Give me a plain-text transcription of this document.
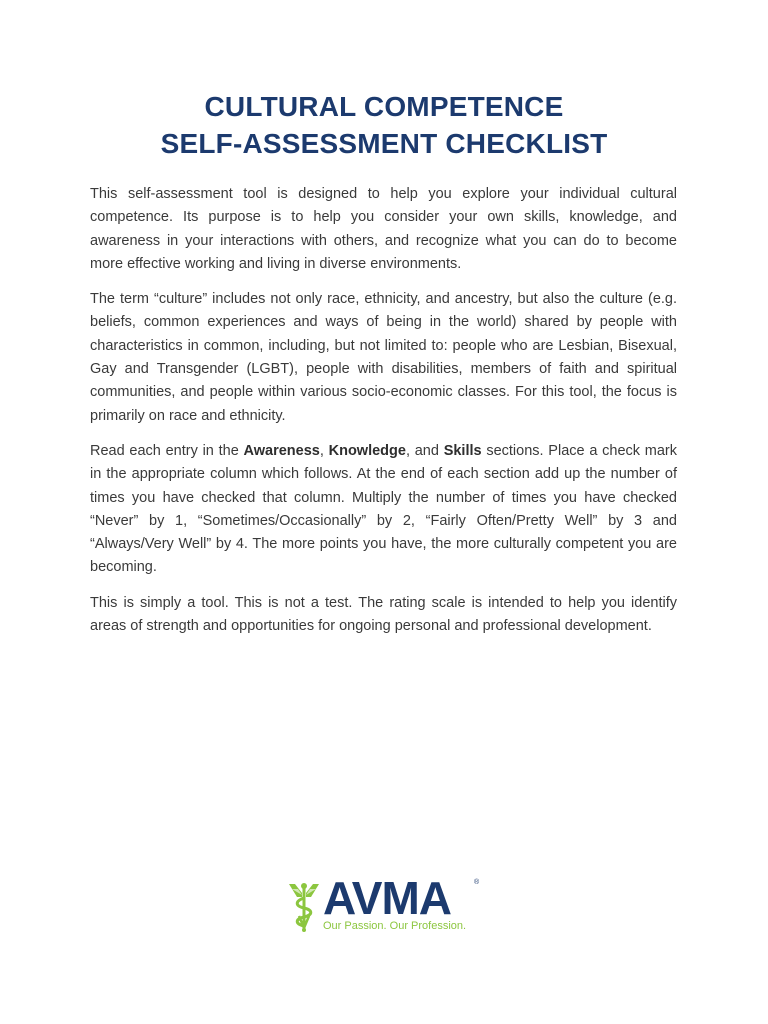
CULTURAL COMPETENCE
SELF-ASSESSMENT CHECKLIST

This self-assessment tool is designed to help you explore your individual cultural competence. Its purpose is to help you consider your own skills, knowledge, and awareness in your interactions with others, and recognize what you can do to become more effective working and living in diverse environments.

The term “culture” includes not only race, ethnicity, and ancestry, but also the culture (e.g. beliefs, common experiences and ways of being in the world) shared by people with characteristics in common, including, but not limited to: people who are Lesbian, Bisexual, Gay and Transgender (LGBT), people with disabilities, members of faith and spiritual communities, and people within various socio-economic classes. For this tool, the focus is primarily on race and ethnicity.

Read each entry in the Awareness, Knowledge, and Skills sections. Place a check mark in the appropriate column which follows. At the end of each section add up the number of times you have checked that column. Multiply the number of times you have checked “Never” by 1, “Sometimes/Occasionally” by 2, “Fairly Often/Pretty Well” by 3 and “Always/Very Well” by 4. The more points you have, the more culturally competent you are becoming.

This is simply a tool. This is not a test. The rating scale is intended to help you identify areas of strength and opportunities for ongoing personal and professional development.

AVMA	®
Our Passion. Our Profession.
